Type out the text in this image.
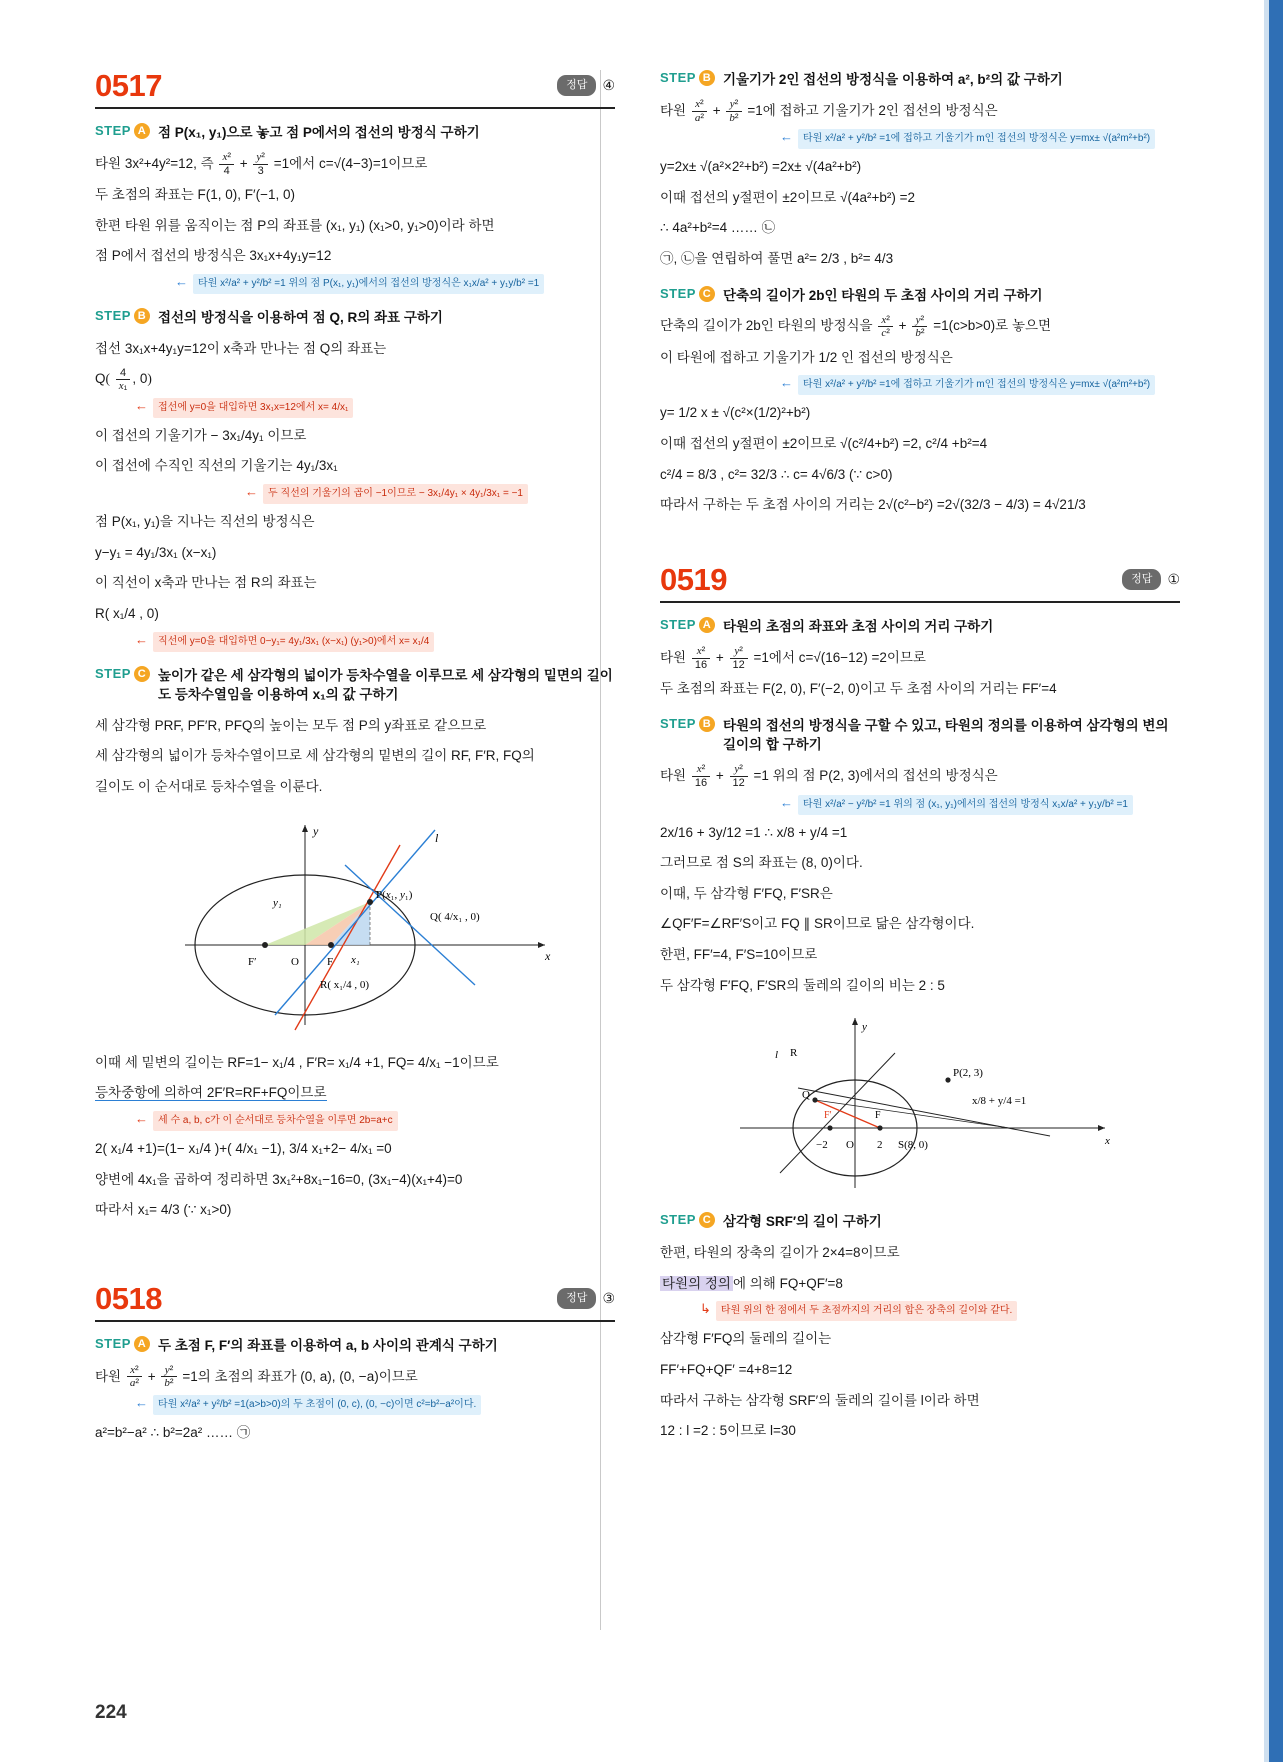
0517	정답	④
STEP A 점 P(x₁, y₁)으로 놓고 점 P에서의 접선의 방정식 구하기

타원 3x²+4y²=12, 즉 $\frac{\text{x²}}{4} + \frac{\text{y²}}{3} =1$에서 c=√(4−3)=1이므로

두 초점의 좌표는 F(1, 0), F′(−1, 0)

한편 타원 위를 움직이는 점 P의 좌표를 (x₁, y₁) (x₁>0, y₁>0)이라 하면

점 P에서 접선의 방정식은 3x₁x+4y₁y=12

←	타원 x²/a² + y²/b² =1 위의 점 P(x₁, y₁)에서의 접선의 방정식은 x₁x/a² + y₁y/b² =1
STEP B 접선의 방정식을 이용하여 점 Q, R의 좌표 구하기

접선 3x₁x+4y₁y=12이 x축과 만나는 점 Q의 좌표는

$Q( \frac{4}{\text{x₁}}$ , 0)

←	접선에 y=0을 대입하면 3x₁x=12에서 x= 4/x₁

이 접선의 기울기가 − 3x₁/4y₁ 이므로

이 접선에 수직인 직선의 기울기는 4y₁/3x₁

←	두 직선의 기울기의 곱이 −1이므로 − 3x₁/4y₁ × 4y₁/3x₁ = −1

점 P(x₁, y₁)을 지나는 직선의 방정식은

y−y₁ = 4y₁/3x₁ (x−x₁)

이 직선이 x축과 만나는 점 R의 좌표는

R( x₁/4 , 0)

←	직선에 y=0을 대입하면 0−y₁= 4y₁/3x₁ (x−x₁) (y₁>0)에서 x= x₁/4
STEP C 높이가 같은 세 삼각형의 넓이가 등차수열을 이루므로 세 삼각형의 밑면의 길이도 등차수열임을 이용하여 x₁의 값 구하기

세 삼각형 PRF, PF′R, PFQ의 높이는 모두 점 P의 y좌표로 같으므로

세 삼각형의 넓이가 등차수열이므로 세 삼각형의 밑변의 길이 RF, F′R, FQ의

길이도 이 순서대로 등차수열을 이룬다.

l
y
x
y₁
P(x₁, y₁)
Q( 4/x₁ , 0)
F′	O	F x₁
R( x₁/4 , 0)

이때 세 밑변의 길이는 RF=1− x₁/4 , F′R= x₁/4 +1, FQ= 4/x₁ −1이므로

등차중항에 의하여 2F′R=RF+FQ이므로

←	세 수 a, b, c가 이 순서대로 등차수열을 이루면 2b=a+c

2( x₁/4 +1)=(1− x₁/4 )+( 4/x₁ −1), 3/4 x₁+2− 4/x₁ =0

양변에 4x₁을 곱하여 정리하면 3x₁²+8x₁−16=0, (3x₁−4)(x₁+4)=0

따라서 x₁= 4/3 (∵ x₁>0)

0518	정답	③
STEP A 두 초점 F, F′의 좌표를 이용하여 a, b 사이의 관계식 구하기

타원 $\frac{\text{x²}}{\text{a²}} + \frac{\text{y²}}{\text{b²}} =1$의 초점의 좌표가 (0, a), (0, −a)이므로

←	타원 x²/a² + y²/b² =1(a>b>0)의 두 초점이 (0, c), (0, −c)이면 c²=b²−a²이다.

a²=b²−a² ∴ b²=2a² …… ㉠

STEP B 기울기가 2인 접선의 방정식을 이용하여 a², b²의 값 구하기

타원 $\frac{\text{x²}}{\text{a²}} + \frac{\text{y²}}{\text{b²}} =1$에 접하고 기울기가 2인 접선의 방정식은

←	타원 x²/a² + y²/b² =1에 접하고 기울기가 m인 접선의 방정식은 y=mx± √(a²m²+b²)

y=2x± √(a²×2²+b²) =2x± √(4a²+b²)

이때 접선의 y절편이 ±2이므로 √(4a²+b²) =2

∴ 4a²+b²=4 …… ㉡

㉠, ㉡을 연립하여 풀면 a²= 2/3 , b²= 4/3

STEP C 단축의 길이가 2b인 타원의 두 초점 사이의 거리 구하기

단축의 길이가 2b인 타원의 방정식을 $\frac{\text{x²}}{\text{c²}} + \frac{\text{y²}}{\text{b²}} =1(c>b>0)$로 놓으면

이 타원에 접하고 기울기가 1/2 인 접선의 방정식은

←	타원 x²/a² + y²/b² =1에 접하고 기울기가 m인 접선의 방정식은 y=mx± √(a²m²+b²)

y= 1/2 x ± √(c²×(1/2)²+b²)

이때 접선의 y절편이 ±2이므로 √(c²/4+b²) =2, c²/4 +b²=4

c²/4 = 8/3 , c²= 32/3 ∴ c= 4√6/3 (∵ c>0)

따라서 구하는 두 초점 사이의 거리는 2√(c²−b²) =2√(32/3 − 4/3) = 4√21/3

0519	정답	①
STEP A 타원의 초점의 좌표와 초점 사이의 거리 구하기

타원 $\frac{\text{x²}}{16} + \frac{\text{y²}}{12} =1$에서 c=√(16−12) =2이므로

두 초점의 좌표는 F(2, 0), F′(−2, 0)이고 두 초점 사이의 거리는 FF′=4

STEP B 타원의 접선의 방정식을 구할 수 있고, 타원의 정의를 이용하여 삼각형의 변의 길이의 합 구하기

타원 $\frac{\text{x²}}{16} + \frac{\text{y²}}{12} =1$ 위의 점 P(2, 3)에서의 접선의 방정식은

←	타원 x²/a² − y²/b² =1 위의 점 (x₁, y₁)에서의 접선의 방정식 x₁x/a² + y₁y/b² =1

2x/16 + 3y/12 =1 ∴ x/8 + y/4 =1

그러므로 점 S의 좌표는 (8, 0)이다.

이때, 두 삼각형 F′FQ, F′SR은

∠QF′F=∠RF′S이고 FQ ∥ SR이므로 닮은 삼각형이다.

한편, FF′=4, F′S=10이므로

두 삼각형 F′FQ, F′SR의 둘레의 길이의 비는 2 : 5

y
x
l R
Q
P(2, 3)
x/8 + y/4 =1
F′	F
−2 O 2 S(8, 0)
STEP C 삼각형 SRF′의 길이 구하기

한편, 타원의 장축의 길이가 2×4=8이므로

타원의 정의 에 의해 FQ+QF′=8

↳	타원 위의 한 점에서 두 초점까지의 거리의 합은 장축의 길이와 같다.

삼각형 F′FQ의 둘레의 길이는

FF′+FQ+QF′ =4+8=12

따라서 구하는 삼각형 SRF′의 둘레의 길이를 l이라 하면

12 : l =2 : 5이므로 l=30

224
